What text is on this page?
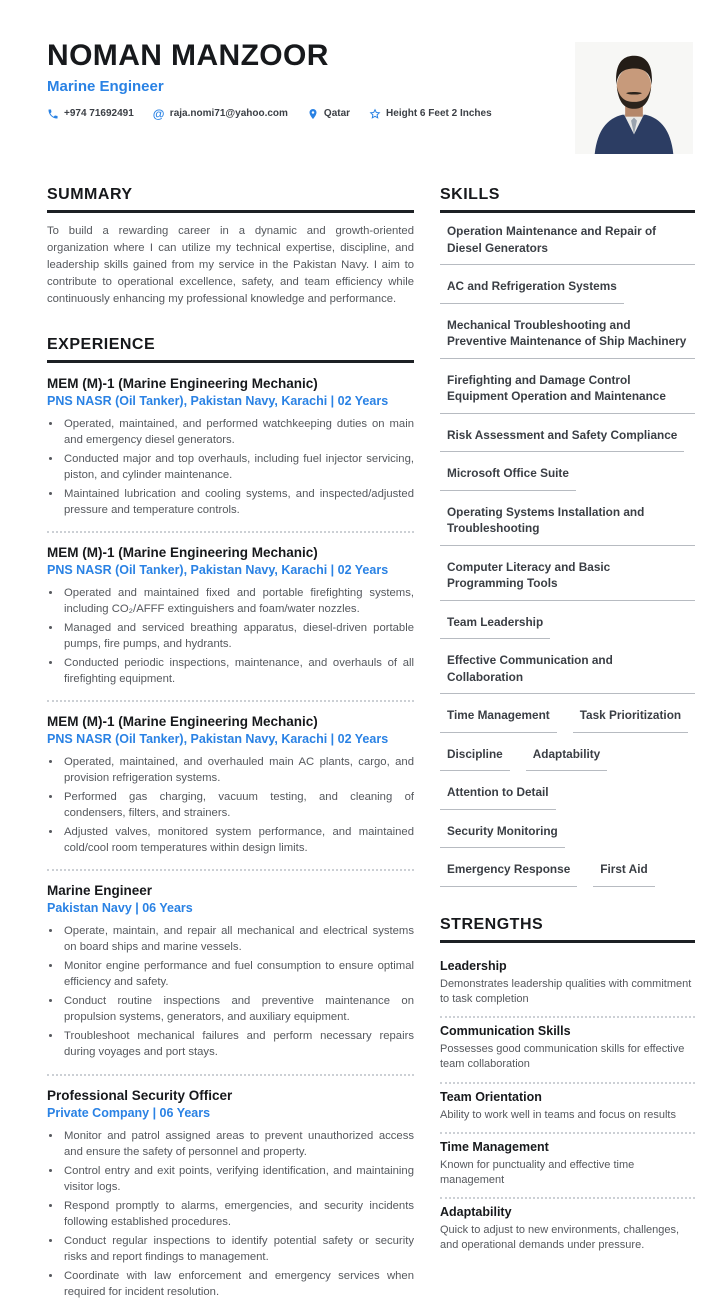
NOMAN MANZOOR
Marine Engineer
+974 71692491 @ raja.nomi71@yahoo.com	Qatar	Height 6 Feet 2 Inches
SUMMARY

To build a rewarding career in a dynamic and growth-oriented organization where I can utilize my technical expertise, discipline, and leadership skills gained from my service in the Pakistan Navy. I aim to contribute to operational excellence, safety, and team efficiency while continuously enhancing my professional knowledge and performance.

EXPERIENCE
MEM (M)-1 (Marine Engineering Mechanic)
PNS NASR (Oil Tanker), Pakistan Navy, Karachi | 02 Years
• Operated, maintained, and performed watchkeeping duties on main and emergency diesel generators.
• Conducted major and top overhauls, including fuel injector servicing, piston, and cylinder maintenance.
• Maintained lubrication and cooling systems, and inspected/adjusted pressure and temperature controls.
MEM (M)-1 (Marine Engineering Mechanic)
PNS NASR (Oil Tanker), Pakistan Navy, Karachi | 02 Years
• Operated and maintained fixed and portable firefighting systems, including CO₂/AFFF extinguishers and foam/water nozzles.
• Managed and serviced breathing apparatus, diesel-driven portable pumps, fire pumps, and hydrants.
• Conducted periodic inspections, maintenance, and overhauls of all firefighting equipment.
MEM (M)-1 (Marine Engineering Mechanic)
PNS NASR (Oil Tanker), Pakistan Navy, Karachi | 02 Years
• Operated, maintained, and overhauled main AC plants, cargo, and provision refrigeration systems.
• Performed gas charging, vacuum testing, and cleaning of condensers, filters, and strainers.
• Adjusted valves, monitored system performance, and maintained cold/cool room temperatures within design limits.
Marine Engineer
Pakistan Navy | 06 Years
• Operate, maintain, and repair all mechanical and electrical systems on board ships and marine vessels.
• Monitor engine performance and fuel consumption to ensure optimal efficiency and safety.
• Conduct routine inspections and preventive maintenance on propulsion systems, generators, and auxiliary equipment.
• Troubleshoot mechanical failures and perform necessary repairs during voyages and port stays.
Professional Security Officer
Private Company | 06 Years
• Monitor and patrol assigned areas to prevent unauthorized access and ensure the safety of personnel and property.
• Control entry and exit points, verifying identification, and maintaining visitor logs.
• Respond promptly to alarms, emergencies, and security incidents following established procedures.
• Conduct regular inspections to identify potential safety or security risks and report findings to management.
• Coordinate with law enforcement and emergency services when required for incident resolution.
SKILLS
Operation Maintenance and Repair of Diesel Generators
AC and Refrigeration Systems
Mechanical Troubleshooting and Preventive Maintenance of Ship Machinery
Firefighting and Damage Control Equipment Operation and Maintenance
Risk Assessment and Safety Compliance
Microsoft Office Suite
Operating Systems Installation and Troubleshooting
Computer Literacy and Basic Programming Tools
Team Leadership
Effective Communication and Collaboration
Time Management	Task Prioritization
Discipline	Adaptability
Attention to Detail
Security Monitoring
Emergency Response	First Aid
STRENGTHS
Leadership
Demonstrates leadership qualities with commitment to task completion
Communication Skills
Possesses good communication skills for effective team collaboration
Team Orientation
Ability to work well in teams and focus on results
Time Management
Known for punctuality and effective time management
Adaptability
Quick to adjust to new environments, challenges, and operational demands under pressure.
